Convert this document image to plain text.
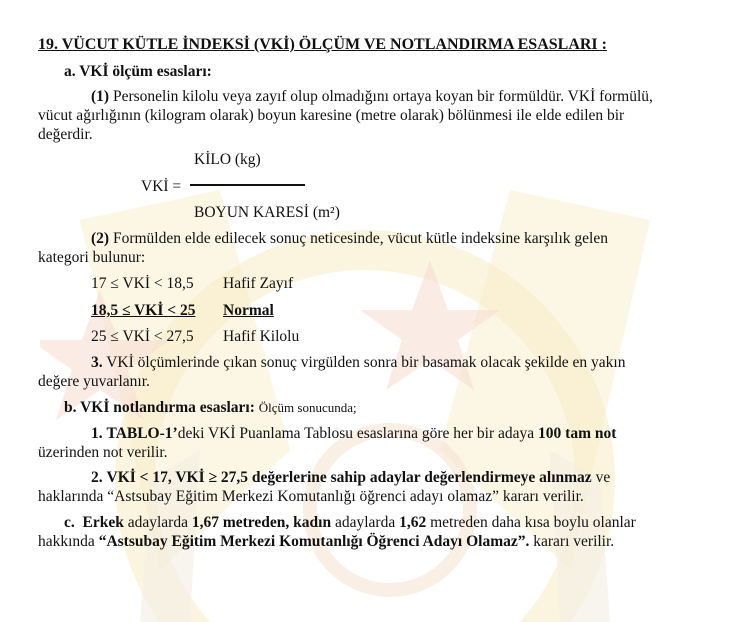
19. VÜCUT KÜTLE İNDEKSİ (VKİ) ÖLÇÜM VE NOTLANDIRMA ESASLARI :
a. VKİ ölçüm esasları:
(1) Personelin kilolu veya zayıf olup olmadığını ortaya koyan bir formüldür. VKİ formülü,
vücut ağırlığının (kilogram olarak) boyun karesine (metre olarak) bölünmesi ile elde edilen bir
değerdir.
KİLO (kg)
VKİ =
BOYUN KARESİ (m²)
(2) Formülden elde edilecek sonuç neticesinde, vücut kütle indeksine karşılık gelen
kategori bulunur:
17 ≤ VKİ < 18,5 Hafif Zayıf
18,5 ≤ VKİ < 25	Normal
25 ≤ VKİ < 27,5 Hafif Kilolu
3. VKİ ölçümlerinde çıkan sonuç virgülden sonra bir basamak olacak şekilde en yakın
değere yuvarlanır.
b. VKİ notlandırma esasları: Ölçüm sonucunda;
1. TABLO-1’deki VKİ Puanlama Tablosu esaslarına göre her bir adaya 100 tam not
üzerinden not verilir.
2. VKİ < 17, VKİ ≥ 27,5 değerlerine sahip adaylar değerlendirmeye alınmaz ve
haklarında “Astsubay Eğitim Merkezi Komutanlığı öğrenci adayı olamaz” kararı verilir.
c. Erkek adaylarda 1,67 metreden, kadın adaylarda 1,62 metreden daha kısa boylu olanlar
hakkında “Astsubay Eğitim Merkezi Komutanlığı Öğrenci Adayı Olamaz”. kararı verilir.
